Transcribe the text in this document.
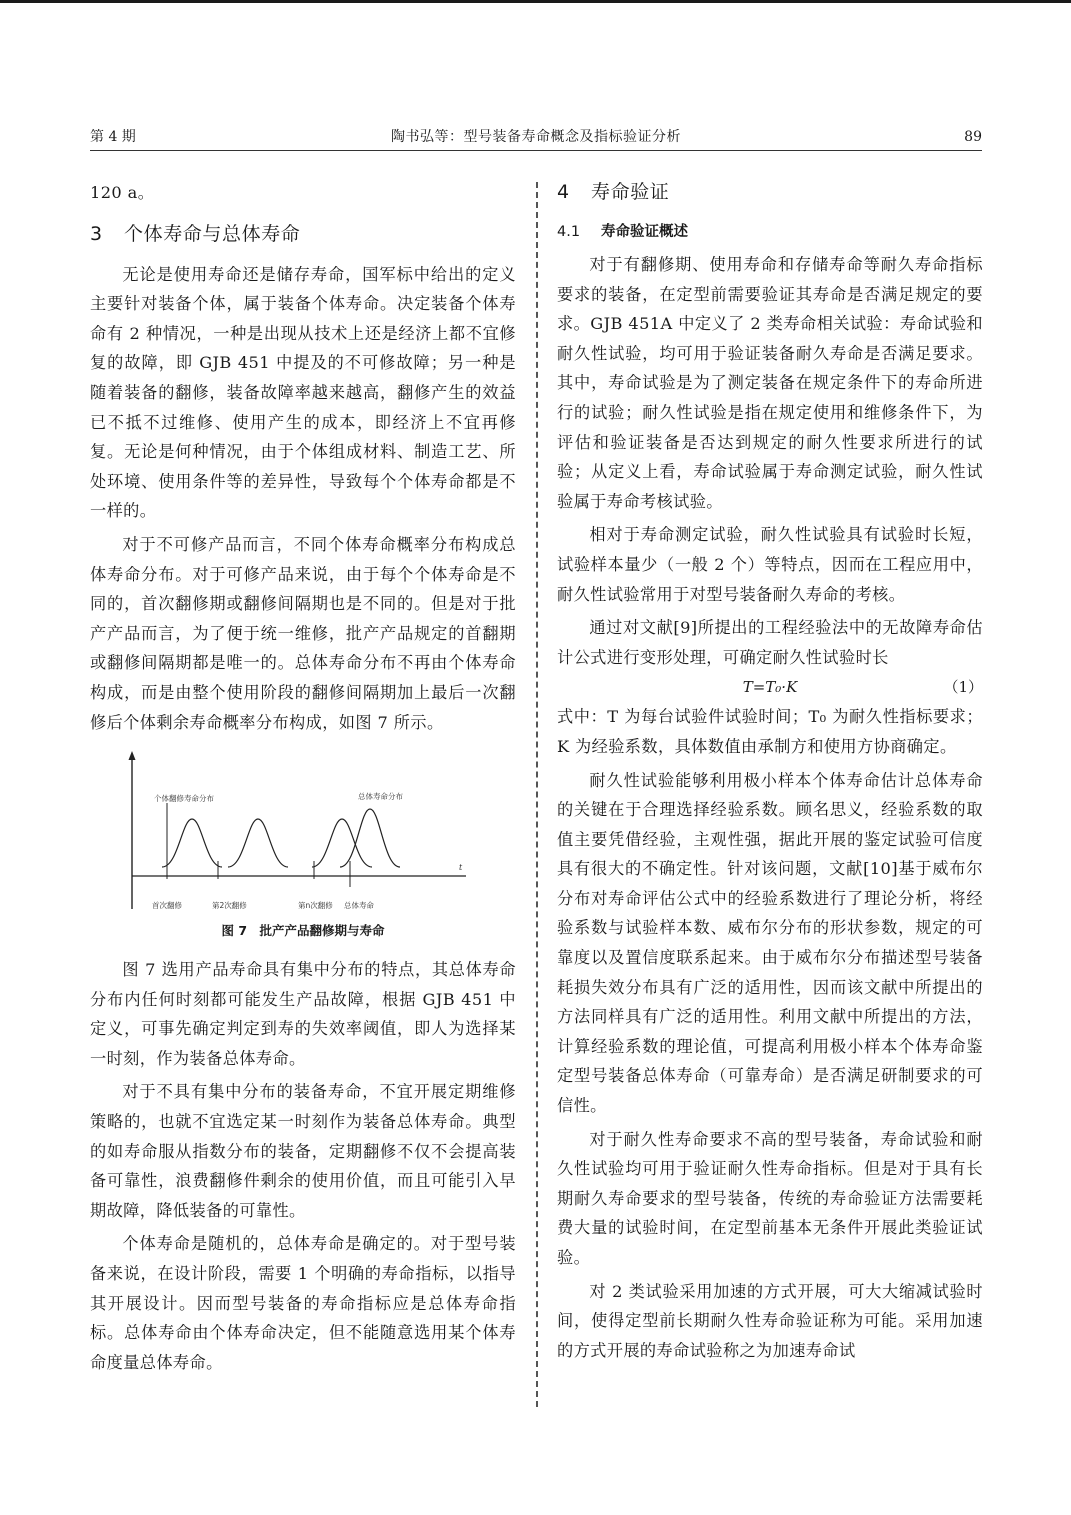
第 4 期	陶书弘等：型号装备寿命概念及指标验证分析	89

120 a。

3 个体寿命与总体寿命

无论是使用寿命还是储存寿命，国军标中给出的定义主要针对装备个体，属于装备个体寿命。决定装备个体寿命有 2 种情况，一种是出现从技术上还是经济上都不宜修复的故障，即 GJB 451 中提及的不可修故障；另一种是随着装备的翻修，装备故障率越来越高，翻修产生的效益已不抵不过维修、使用产生的成本，即经济上不宜再修复。无论是何种情况，由于个体组成材料、制造工艺、所处环境、使用条件等的差异性，导致每个个体寿命都是不一样的。

对于不可修产品而言，不同个体寿命概率分布构成总体寿命分布。对于可修产品来说，由于每个个体寿命是不同的，首次翻修期或翻修间隔期也是不同的。但是对于批产产品而言，为了便于统一维修，批产产品规定的首翻期或翻修间隔期都是唯一的。总体寿命分布不再由个体寿命构成，而是由整个使用阶段的翻修间隔期加上最后一次翻修后个体剩余寿命概率分布构成，如图 7 所示。

个体翻修寿命分布	总体寿命分布
t
首次翻修	第2次翻修	第n次翻修 总体寿命
图 7　批产产品翻修期与寿命

图 7 选用产品寿命具有集中分布的特点，其总体寿命分布内任何时刻都可能发生产品故障，根据 GJB 451 中定义，可事先确定判定到寿的失效率阈值，即人为选择某一时刻，作为装备总体寿命。

对于不具有集中分布的装备寿命，不宜开展定期维修策略的，也就不宜选定某一时刻作为装备总体寿命。典型的如寿命服从指数分布的装备，定期翻修不仅不会提高装备可靠性，浪费翻修件剩余的使用价值，而且可能引入早期故障，降低装备的可靠性。

个体寿命是随机的，总体寿命是确定的。对于型号装备来说，在设计阶段，需要 1 个明确的寿命指标，以指导其开展设计。因而型号装备的寿命指标应是总体寿命指标。总体寿命由个体寿命决定，但不能随意选用某个体寿命度量总体寿命。

4 寿命验证
4.1 寿命验证概述

对于有翻修期、使用寿命和存储寿命等耐久寿命指标要求的装备，在定型前需要验证其寿命是否满足规定的要求。GJB 451A 中定义了 2 类寿命相关试验：寿命试验和耐久性试验，均可用于验证装备耐久寿命是否满足要求。其中，寿命试验是为了测定装备在规定条件下的寿命所进行的试验；耐久性试验是指在规定使用和维修条件下，为评估和验证装备是否达到规定的耐久性要求所进行的试验；从定义上看，寿命试验属于寿命测定试验，耐久性试验属于寿命考核试验。

相对于寿命测定试验，耐久性试验具有试验时长短，试验样本量少（一般 2 个）等特点，因而在工程应用中，耐久性试验常用于对型号装备耐久寿命的考核。

通过对文献[9]所提出的工程经验法中的无故障寿命估计公式进行变形处理，可确定耐久性试验时长

T=T₀·K	（1）

式中：T 为每台试验件试验时间；T₀ 为耐久性指标要求；K 为经验系数，具体数值由承制方和使用方协商确定。

耐久性试验能够利用极小样本个体寿命估计总体寿命的关键在于合理选择经验系数。顾名思义，经验系数的取值主要凭借经验，主观性强，据此开展的鉴定试验可信度具有很大的不确定性。针对该问题，文献[10]基于威布尔分布对寿命评估公式中的经验系数进行了理论分析，将经验系数与试验样本数、威布尔分布的形状参数，规定的可靠度以及置信度联系起来。由于威布尔分布描述型号装备耗损失效分布具有广泛的适用性，因而该文献中所提出的方法同样具有广泛的适用性。利用文献中所提出的方法，计算经验系数的理论值，可提高利用极小样本个体寿命鉴定型号装备总体寿命（可靠寿命）是否满足研制要求的可信性。

对于耐久性寿命要求不高的型号装备，寿命试验和耐久性试验均可用于验证耐久性寿命指标。但是对于具有长期耐久寿命要求的型号装备，传统的寿命验证方法需要耗费大量的试验时间，在定型前基本无条件开展此类验证试验。

对 2 类试验采用加速的方式开展，可大大缩减试验时间，使得定型前长期耐久性寿命验证称为可能。采用加速的方式开展的寿命试验称之为加速寿命试
